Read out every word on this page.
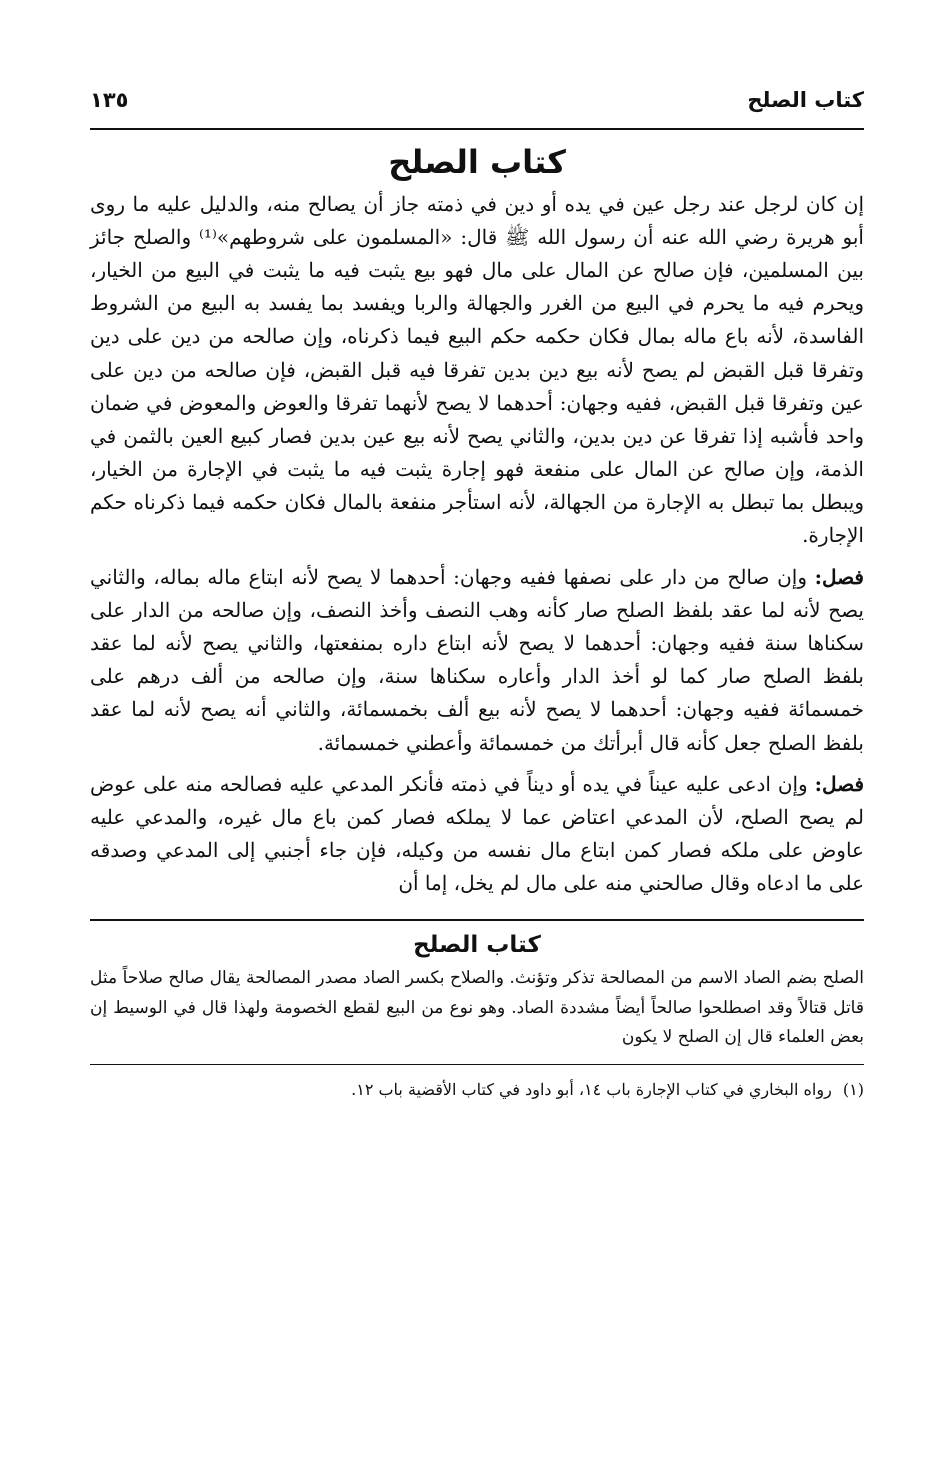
كتاب الصلح
١٣٥
كتاب الصلح

إن كان لرجل عند رجل عين في يده أو دين في ذمته جاز أن يصالح منه، والدليل عليه ما روى أبو هريرة رضي الله عنه أن رسول الله ﷺ قال: «المسلمون على شروطهم»⁽¹⁾ والصلح جائز بين المسلمين، فإن صالح عن المال على مال فهو بيع يثبت فيه ما يثبت في البيع من الخيار، ويحرم فيه ما يحرم في البيع من الغرر والجهالة والربا ويفسد بما يفسد به البيع من الشروط الفاسدة، لأنه باع ماله بمال فكان حكمه حكم البيع فيما ذكرناه، وإن صالحه من دين على دين وتفرقا قبل القبض لم يصح لأنه بيع دين بدين تفرقا فيه قبل القبض، فإن صالحه من دين على عين وتفرقا قبل القبض، ففيه وجهان: أحدهما لا يصح لأنهما تفرقا والعوض والمعوض في ضمان واحد فأشبه إذا تفرقا عن دين بدين، والثاني يصح لأنه بيع عين بدين فصار كبيع العين بالثمن في الذمة، وإن صالح عن المال على منفعة فهو إجارة يثبت فيه ما يثبت في الإجارة من الخيار، ويبطل بما تبطل به الإجارة من الجهالة، لأنه استأجر منفعة بالمال فكان حكمه فيما ذكرناه حكم الإجارة.

فصل: وإن صالح من دار على نصفها ففيه وجهان: أحدهما لا يصح لأنه ابتاع ماله بماله، والثاني يصح لأنه لما عقد بلفظ الصلح صار كأنه وهب النصف وأخذ النصف، وإن صالحه من الدار على سكناها سنة ففيه وجهان: أحدهما لا يصح لأنه ابتاع داره بمنفعتها، والثاني يصح لأنه لما عقد بلفظ الصلح صار كما لو أخذ الدار وأعاره سكناها سنة، وإن صالحه من ألف درهم على خمسمائة ففيه وجهان: أحدهما لا يصح لأنه بيع ألف بخمسمائة، والثاني أنه يصح لأنه لما عقد بلفظ الصلح جعل كأنه قال أبرأتك من خمسمائة وأعطني خمسمائة.

فصل: وإن ادعى عليه عيناً في يده أو ديناً في ذمته فأنكر المدعي عليه فصالحه منه على عوض لم يصح الصلح، لأن المدعي اعتاض عما لا يملكه فصار كمن باع مال غيره، والمدعي عليه عاوض على ملكه فصار كمن ابتاع مال نفسه من وكيله، فإن جاء أجنبي إلى المدعي وصدقه على ما ادعاه وقال صالحني منه على مال لم يخل، إما أن

كتاب الصلح

الصلح بضم الصاد الاسم من المصالحة تذكر وتؤنث. والصلاح بكسر الصاد مصدر المصالحة يقال صالح صلاحاً مثل قاتل قتالاً وقد اصطلحوا صالحاً أيضاً مشددة الصاد. وهو نوع من البيع لقطع الخصومة ولهذا قال في الوسيط إن بعض العلماء قال إن الصلح لا يكون

(١) رواه البخاري في كتاب الإجارة باب ١٤، أبو داود في كتاب الأقضية باب ١٢.
